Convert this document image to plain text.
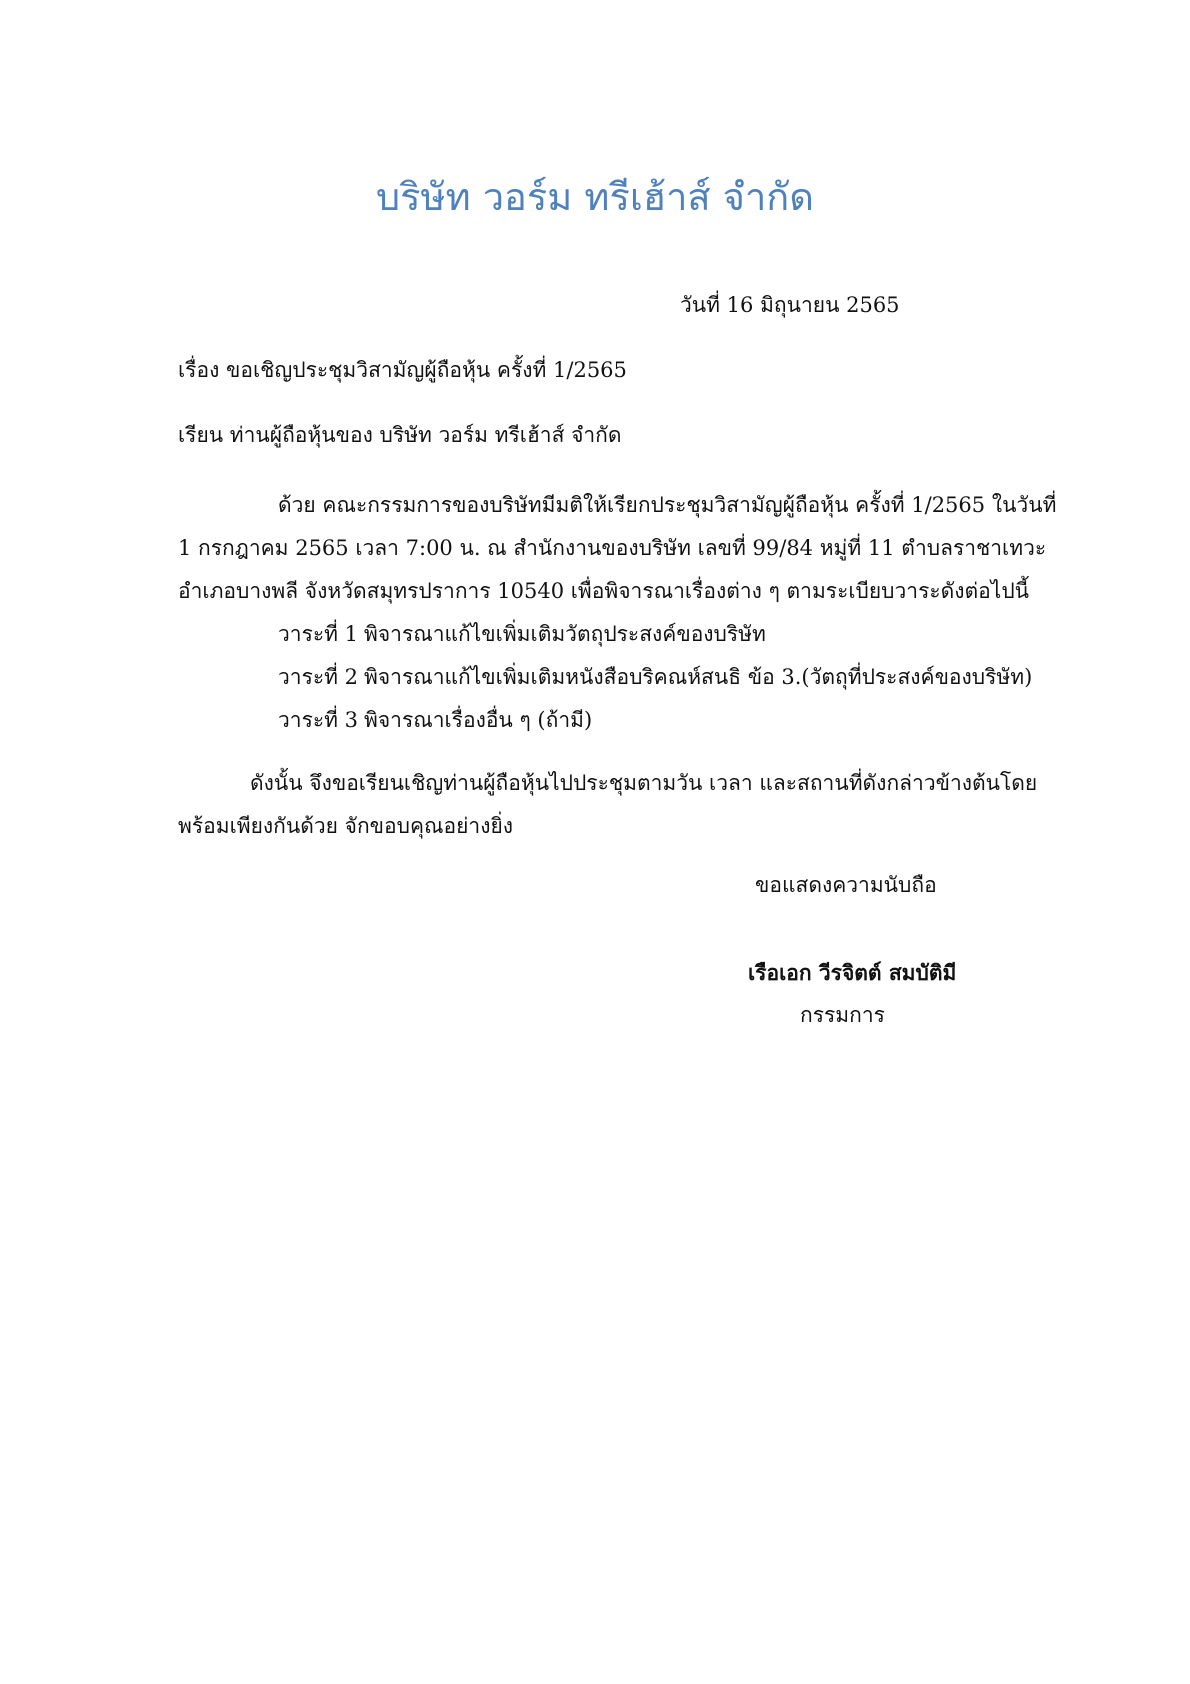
บริษัท วอร์ม ทรีเฮ้าส์ จำกัด
วันที่ 16 มิถุนายน 2565
เรื่อง ขอเชิญประชุมวิสามัญผู้ถือหุ้น ครั้งที่ 1/2565
เรียน ท่านผู้ถือหุ้นของ บริษัท วอร์ม ทรีเฮ้าส์ จำกัด
ด้วย คณะกรรมการของบริษัทมีมติให้เรียกประชุมวิสามัญผู้ถือหุ้น ครั้งที่ 1/2565 ในวันที่
1 กรกฎาคม 2565 เวลา 7:00 น. ณ สำนักงานของบริษัท เลขที่ 99/84 หมู่ที่ 11 ตำบลราชาเทวะ
อำเภอบางพลี จังหวัดสมุทรปราการ 10540 เพื่อพิจารณาเรื่องต่าง ๆ ตามระเบียบวาระดังต่อไปนี้
วาระที่ 1 พิจารณาแก้ไขเพิ่มเติมวัตถุประสงค์ของบริษัท
วาระที่ 2 พิจารณาแก้ไขเพิ่มเติมหนังสือบริคณห์สนธิ ข้อ 3.(วัตถุที่ประสงค์ของบริษัท)
วาระที่ 3 พิจารณาเรื่องอื่น ๆ (ถ้ามี)
ดังนั้น จึงขอเรียนเชิญท่านผู้ถือหุ้นไปประชุมตามวัน เวลา และสถานที่ดังกล่าวข้างต้นโดย
พร้อมเพียงกันด้วย จักขอบคุณอย่างยิ่ง
ขอแสดงความนับถือ
เรือเอก วีรจิตต์ สมบัติมี
กรรมการ
